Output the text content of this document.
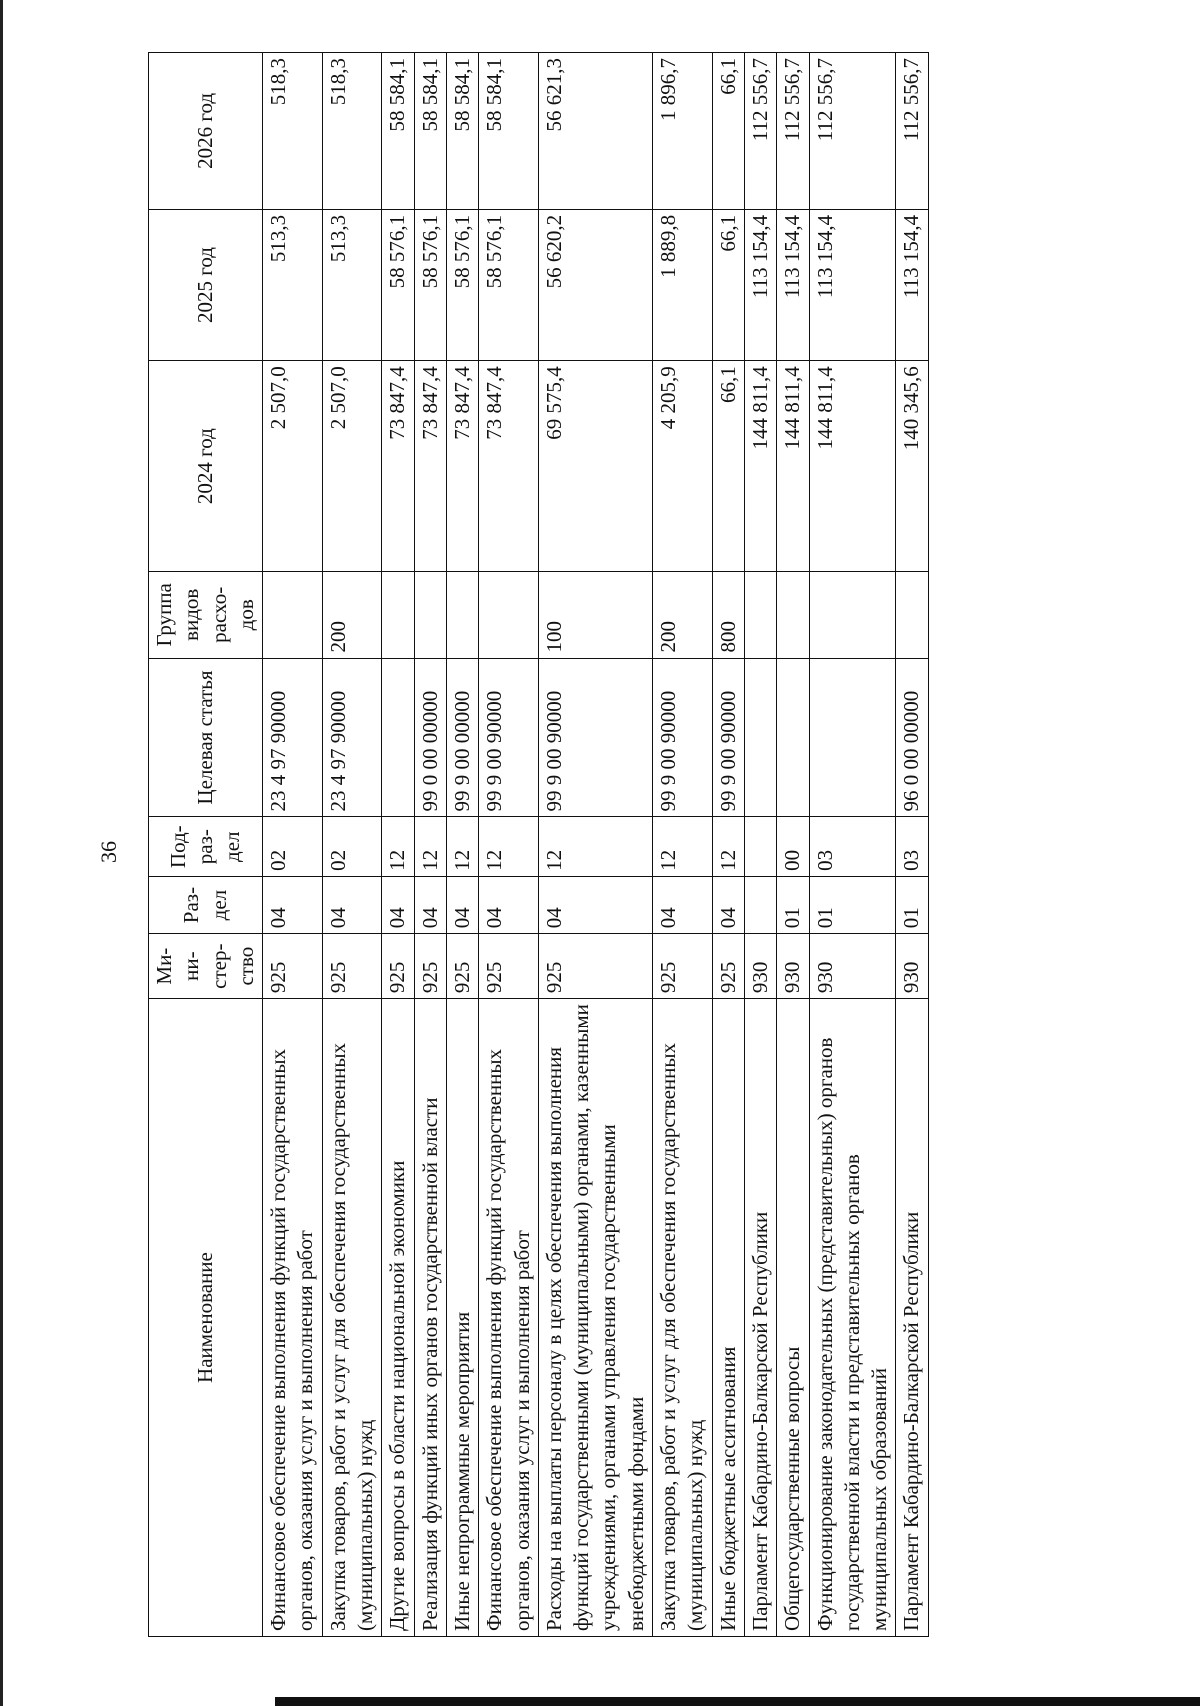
36
Наименование	Ми-
ни-
стер-
ство	Раз-
дел	Под-
раз-
дел	Целевая статья	Группа
видов
расхо-
дов	2024 год	2025 год	2026 год
Финансовое обеспечение выполнения функций государственных органов, оказания услуг и выполнения работ	925	04	02	23 4 97 90000		2 507,0	513,3	518,3
Закупка товаров, работ и услуг для обеспечения государственных (муниципальных) нужд	925	04	02	23 4 97 90000	200	2 507,0	513,3	518,3
Другие вопросы в области национальной экономики	925	04	12			73 847,4	58 576,1	58 584,1
Реализация функций иных органов государственной власти	925	04	12	99 0 00 00000		73 847,4	58 576,1	58 584,1
Иные непрограммные мероприятия	925	04	12	99 9 00 00000		73 847,4	58 576,1	58 584,1
Финансовое обеспечение выполнения функций государственных органов, оказания услуг и выполнения работ	925	04	12	99 9 00 90000		73 847,4	58 576,1	58 584,1
Расходы на выплаты персоналу в целях обеспечения выполнения функций государственными (муниципальными) органами, казенными учреждениями, органами управления государственными внебюджетными фондами	925	04	12	99 9 00 90000	100	69 575,4	56 620,2	56 621,3
Закупка товаров, работ и услуг для обеспечения государственных (муниципальных) нужд	925	04	12	99 9 00 90000	200	4 205,9	1 889,8	1 896,7
Иные бюджетные ассигнования	925	04	12	99 9 00 90000	800	66,1	66,1	66,1
Парламент Кабардино-Балкарской Республики	930					144 811,4	113 154,4	112 556,7
Общегосударственные вопросы	930	01	00			144 811,4	113 154,4	112 556,7
Функционирование законодательных (представительных) органов государственной власти и представительных органов муниципальных образований	930	01	03			144 811,4	113 154,4	112 556,7
Парламент Кабардино-Балкарской Республики	930	01	03	96 0 00 00000		140 345,6	113 154,4	112 556,7
